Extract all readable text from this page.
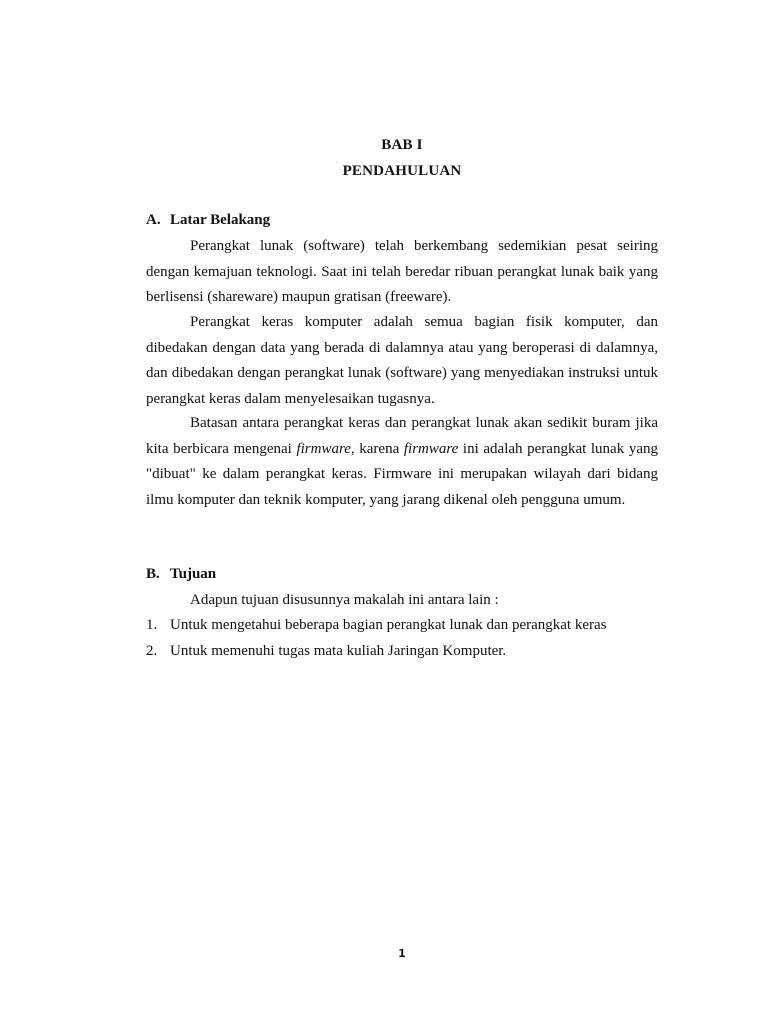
BAB I
PENDAHULUAN
A. Latar Belakang

Perangkat lunak (software) telah berkembang sedemikian pesat seiring dengan kemajuan teknologi. Saat ini telah beredar ribuan perangkat lunak baik yang berlisensi (shareware) maupun gratisan (freeware).

Perangkat keras komputer adalah semua bagian fisik komputer, dan dibedakan dengan data yang berada di dalamnya atau yang beroperasi di dalamnya, dan dibedakan dengan perangkat lunak (software) yang menyediakan instruksi untuk perangkat keras dalam menyelesaikan tugasnya.

Batasan antara perangkat keras dan perangkat lunak akan sedikit buram jika kita berbicara mengenai firmware, karena firmware ini adalah perangkat lunak yang "dibuat" ke dalam perangkat keras. Firmware ini merupakan wilayah dari bidang ilmu komputer dan teknik komputer, yang jarang dikenal oleh pengguna umum.

B. Tujuan

Adapun tujuan disusunnya makalah ini antara lain :

1. Untuk mengetahui beberapa bagian perangkat lunak dan perangkat keras
2. Untuk memenuhi tugas mata kuliah Jaringan Komputer.
1
